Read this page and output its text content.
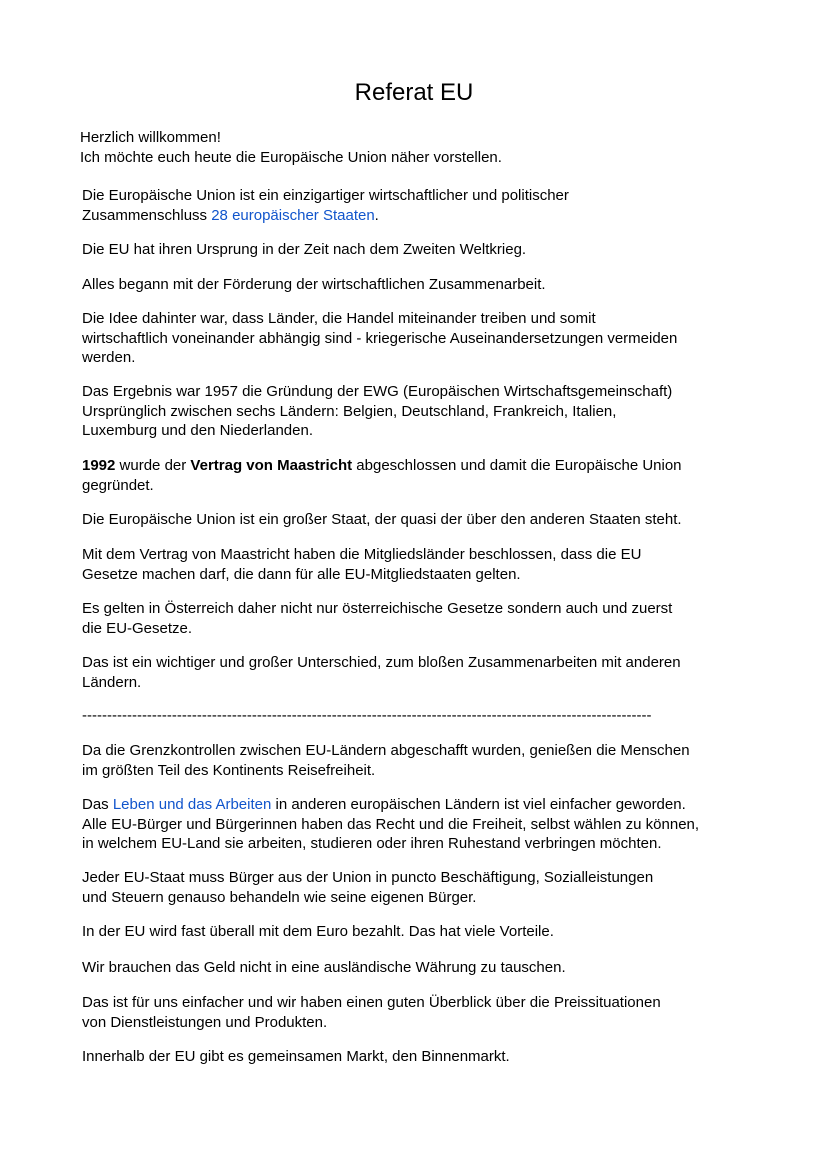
Referat EU
Herzlich willkommen!
Ich möchte euch heute die Europäische Union näher vorstellen.
Die Europäische Union ist ein einzigartiger wirtschaftlicher und politischer
Zusammenschluss 28 europäischer Staaten.
Die EU hat ihren Ursprung in der Zeit nach dem Zweiten Weltkrieg.
Alles begann mit der Förderung der wirtschaftlichen Zusammenarbeit.
Die Idee dahinter war, dass Länder, die Handel miteinander treiben und somit
wirtschaftlich voneinander abhängig sind - kriegerische Auseinandersetzungen vermeiden
werden.
Das Ergebnis war 1957 die Gründung der EWG (Europäischen Wirtschaftsgemeinschaft)
Ursprünglich zwischen sechs Ländern: Belgien, Deutschland, Frankreich, Italien,
Luxemburg und den Niederlanden.
1992 wurde der Vertrag von Maastricht abgeschlossen und damit die Europäische Union
gegründet.
Die Europäische Union ist ein großer Staat, der quasi der über den anderen Staaten steht.
Mit dem Vertrag von Maastricht haben die Mitgliedsländer beschlossen, dass die EU
Gesetze machen darf, die dann für alle EU-Mitgliedstaaten gelten.
Es gelten in Österreich daher nicht nur österreichische Gesetze sondern auch und zuerst
die EU-Gesetze.
Das ist ein wichtiger und großer Unterschied, zum bloßen Zusammenarbeiten mit anderen
Ländern.
------------------------------------------------------------------------------------------------------------------
Da die Grenzkontrollen zwischen EU-Ländern abgeschafft wurden, genießen die Menschen
im größten Teil des Kontinents Reisefreiheit.
Das Leben und das Arbeiten in anderen europäischen Ländern ist viel einfacher geworden.
Alle EU-Bürger und Bürgerinnen haben das Recht und die Freiheit, selbst wählen zu können,
in welchem EU-Land sie arbeiten, studieren oder ihren Ruhestand verbringen möchten.
Jeder EU-Staat muss Bürger aus der Union in puncto Beschäftigung, Sozialleistungen
und Steuern genauso behandeln wie seine eigenen Bürger.
In der EU wird fast überall mit dem Euro bezahlt. Das hat viele Vorteile.
Wir brauchen das Geld nicht in eine ausländische Währung zu tauschen.
Das ist für uns einfacher und wir haben einen guten Überblick über die Preissituationen
von Dienstleistungen und Produkten.
Innerhalb der EU gibt es gemeinsamen Markt, den Binnenmarkt.
